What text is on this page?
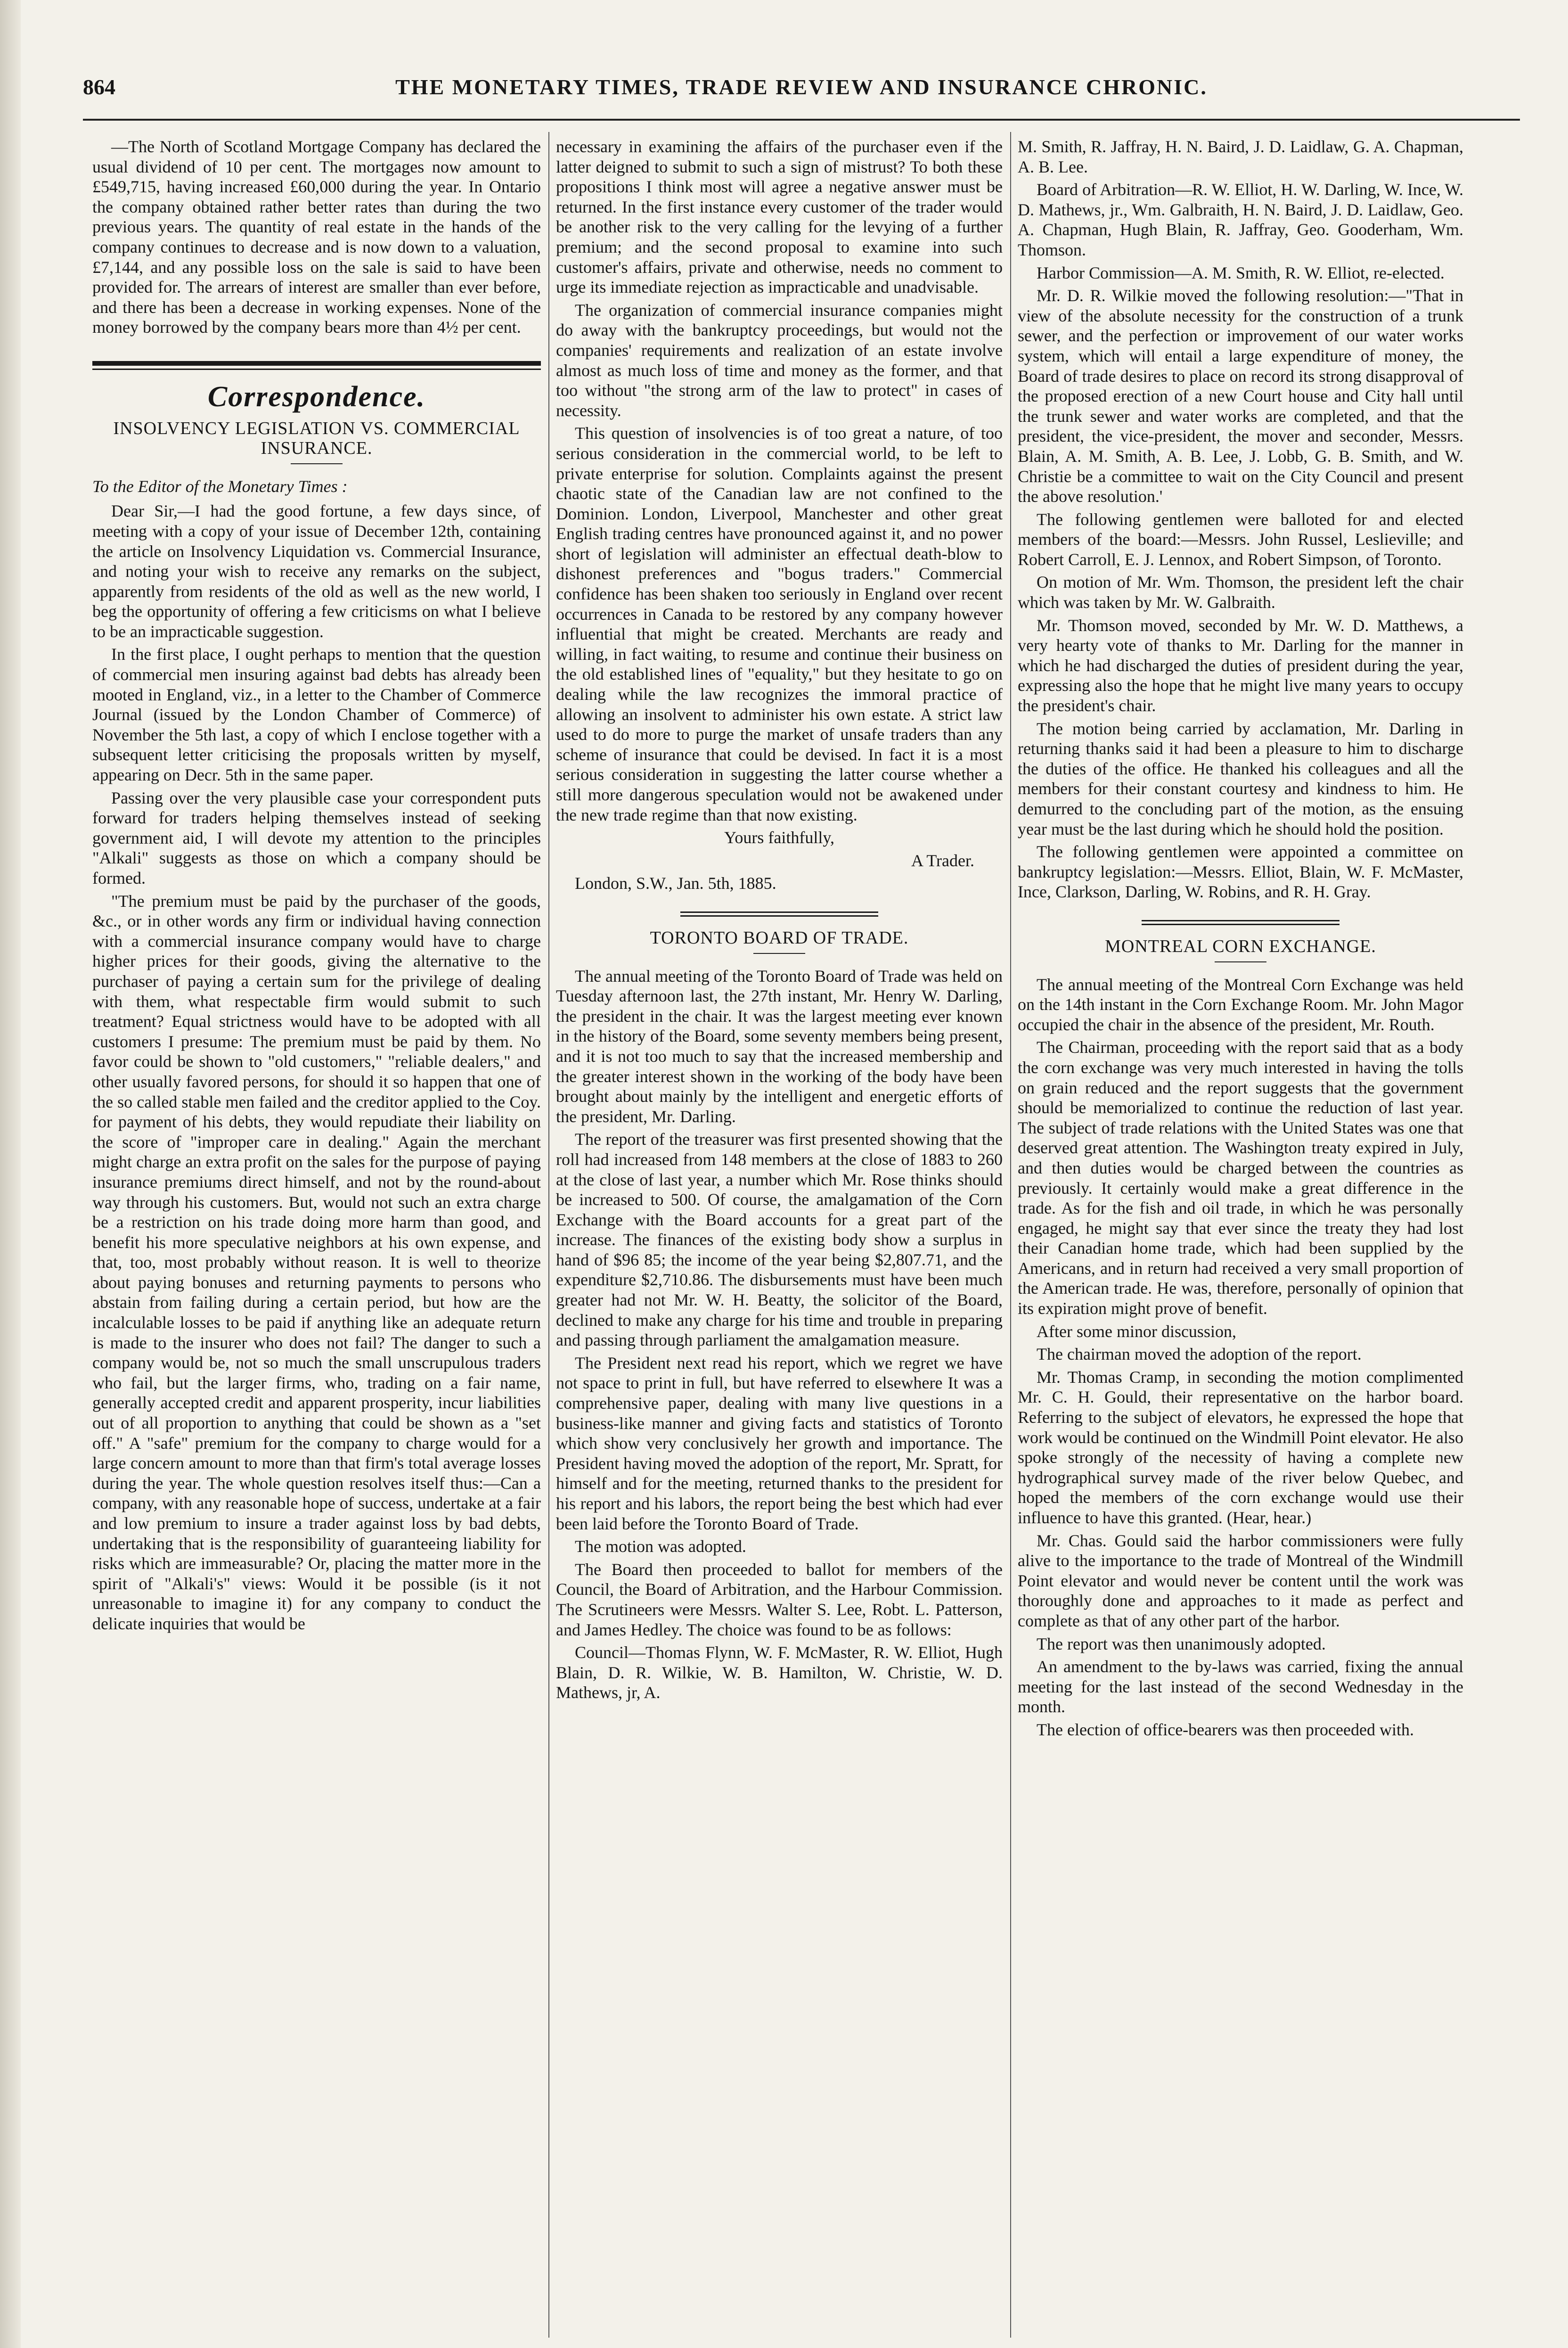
864	THE MONETARY TIMES, TRADE REVIEW AND INSURANCE CHRONIC.

—The North of Scotland Mortgage Company has declared the usual dividend of 10 per cent. The mortgages now amount to £549,715, having increased £60,000 during the year. In Ontario the company obtained rather better rates than during the two previous years. The quantity of real estate in the hands of the company continues to decrease and is now down to a valuation, £7,144, and any possible loss on the sale is said to have been provided for. The arrears of interest are smaller than ever before, and there has been a decrease in working expenses. None of the money borrowed by the company bears more than 4½ per cent.

Correspondence.
INSOLVENCY LEGISLATION VS. COMMERCIAL INSURANCE.

To the Editor of the Monetary Times :

Dear Sir,—I had the good fortune, a few days since, of meeting with a copy of your issue of December 12th, containing the article on Insolvency Liquidation vs. Commercial Insurance, and noting your wish to receive any remarks on the subject, apparently from residents of the old as well as the new world, I beg the opportunity of offering a few criticisms on what I believe to be an impracticable suggestion.

In the first place, I ought perhaps to mention that the question of commercial men insuring against bad debts has already been mooted in England, viz., in a letter to the Chamber of Commerce Journal (issued by the London Chamber of Commerce) of November the 5th last, a copy of which I enclose together with a subsequent letter criticising the proposals written by myself, appearing on Decr. 5th in the same paper.

Passing over the very plausible case your correspondent puts forward for traders helping themselves instead of seeking government aid, I will devote my attention to the principles "Alkali" suggests as those on which a company should be formed.

"The premium must be paid by the purchaser of the goods, &c., or in other words any firm or individual having connection with a commercial insurance company would have to charge higher prices for their goods, giving the alternative to the purchaser of paying a certain sum for the privilege of dealing with them, what respectable firm would submit to such treatment? Equal strictness would have to be adopted with all customers I presume: The premium must be paid by them. No favor could be shown to "old customers," "reliable dealers," and other usually favored persons, for should it so happen that one of the so called stable men failed and the creditor applied to the Coy. for payment of his debts, they would repudiate their liability on the score of "improper care in dealing." Again the merchant might charge an extra profit on the sales for the purpose of paying insurance premiums direct himself, and not by the round-about way through his customers. But, would not such an extra charge be a restriction on his trade doing more harm than good, and benefit his more speculative neighbors at his own expense, and that, too, most probably without reason. It is well to theorize about paying bonuses and returning payments to persons who abstain from failing during a certain period, but how are the incalculable losses to be paid if anything like an adequate return is made to the insurer who does not fail? The danger to such a company would be, not so much the small unscrupulous traders who fail, but the larger firms, who, trading on a fair name, generally accepted credit and apparent prosperity, incur liabilities out of all proportion to anything that could be shown as a "set off." A "safe" premium for the company to charge would for a large concern amount to more than that firm's total average losses during the year. The whole question resolves itself thus:—Can a company, with any reasonable hope of success, undertake at a fair and low premium to insure a trader against loss by bad debts, undertaking that is the responsibility of guaranteeing liability for risks which are immeasurable? Or, placing the matter more in the spirit of "Alkali's" views: Would it be possible (is it not unreasonable to imagine it) for any company to conduct the delicate inquiries that would be

necessary in examining the affairs of the purchaser even if the latter deigned to submit to such a sign of mistrust? To both these propositions I think most will agree a negative answer must be returned. In the first instance every customer of the trader would be another risk to the very calling for the levying of a further premium; and the second proposal to examine into such customer's affairs, private and otherwise, needs no comment to urge its immediate rejection as impracticable and unadvisable.

The organization of commercial insurance companies might do away with the bankruptcy proceedings, but would not the companies' requirements and realization of an estate involve almost as much loss of time and money as the former, and that too without "the strong arm of the law to protect" in cases of necessity.

This question of insolvencies is of too great a nature, of too serious consideration in the commercial world, to be left to private enterprise for solution. Complaints against the present chaotic state of the Canadian law are not confined to the Dominion. London, Liverpool, Manchester and other great English trading centres have pronounced against it, and no power short of legislation will administer an effectual death-blow to dishonest preferences and "bogus traders." Commercial confidence has been shaken too seriously in England over recent occurrences in Canada to be restored by any company however influential that might be created. Merchants are ready and willing, in fact waiting, to resume and continue their business on the old established lines of "equality," but they hesitate to go on dealing while the law recognizes the immoral practice of allowing an insolvent to administer his own estate. A strict law used to do more to purge the market of unsafe traders than any scheme of insurance that could be devised. In fact it is a most serious consideration in suggesting the latter course whether a still more dangerous speculation would not be awakened under the new trade regime than that now existing.

Yours faithfully,

A Trader.

London, S.W., Jan. 5th, 1885.

TORONTO BOARD OF TRADE.

The annual meeting of the Toronto Board of Trade was held on Tuesday afternoon last, the 27th instant, Mr. Henry W. Darling, the president in the chair. It was the largest meeting ever known in the history of the Board, some seventy members being present, and it is not too much to say that the increased membership and the greater interest shown in the working of the body have been brought about mainly by the intelligent and energetic efforts of the president, Mr. Darling.

The report of the treasurer was first presented showing that the roll had increased from 148 members at the close of 1883 to 260 at the close of last year, a number which Mr. Rose thinks should be increased to 500. Of course, the amalgamation of the Corn Exchange with the Board accounts for a great part of the increase. The finances of the existing body show a surplus in hand of $96 85; the income of the year being $2,807.71, and the expenditure $2,710.86. The disbursements must have been much greater had not Mr. W. H. Beatty, the solicitor of the Board, declined to make any charge for his time and trouble in preparing and passing through parliament the amalgamation measure.

The President next read his report, which we regret we have not space to print in full, but have referred to elsewhere It was a comprehensive paper, dealing with many live questions in a business-like manner and giving facts and statistics of Toronto which show very conclusively her growth and importance. The President having moved the adoption of the report, Mr. Spratt, for himself and for the meeting, returned thanks to the president for his report and his labors, the report being the best which had ever been laid before the Toronto Board of Trade.

The motion was adopted.

The Board then proceeded to ballot for members of the Council, the Board of Arbitration, and the Harbour Commission. The Scrutineers were Messrs. Walter S. Lee, Robt. L. Patterson, and James Hedley. The choice was found to be as follows:

Council—Thomas Flynn, W. F. McMaster, R. W. Elliot, Hugh Blain, D. R. Wilkie, W. B. Hamilton, W. Christie, W. D. Mathews, jr, A.

M. Smith, R. Jaffray, H. N. Baird, J. D. Laidlaw, G. A. Chapman, A. B. Lee.

Board of Arbitration—R. W. Elliot, H. W. Darling, W. Ince, W. D. Mathews, jr., Wm. Galbraith, H. N. Baird, J. D. Laidlaw, Geo. A. Chapman, Hugh Blain, R. Jaffray, Geo. Gooderham, Wm. Thomson.

Harbor Commission—A. M. Smith, R. W. Elliot, re-elected.

Mr. D. R. Wilkie moved the following resolution:—"That in view of the absolute necessity for the construction of a trunk sewer, and the perfection or improvement of our water works system, which will entail a large expenditure of money, the Board of trade desires to place on record its strong disapproval of the proposed erection of a new Court house and City hall until the trunk sewer and water works are completed, and that the president, the vice-president, the mover and seconder, Messrs. Blain, A. M. Smith, A. B. Lee, J. Lobb, G. B. Smith, and W. Christie be a committee to wait on the City Council and present the above resolution.'

The following gentlemen were balloted for and elected members of the board:—Messrs. John Russel, Leslieville; and Robert Carroll, E. J. Lennox, and Robert Simpson, of Toronto.

On motion of Mr. Wm. Thomson, the president left the chair which was taken by Mr. W. Galbraith.

Mr. Thomson moved, seconded by Mr. W. D. Matthews, a very hearty vote of thanks to Mr. Darling for the manner in which he had discharged the duties of president during the year, expressing also the hope that he might live many years to occupy the president's chair.

The motion being carried by acclamation, Mr. Darling in returning thanks said it had been a pleasure to him to discharge the duties of the office. He thanked his colleagues and all the members for their constant courtesy and kindness to him. He demurred to the concluding part of the motion, as the ensuing year must be the last during which he should hold the position.

The following gentlemen were appointed a committee on bankruptcy legislation:—Messrs. Elliot, Blain, W. F. McMaster, Ince, Clarkson, Darling, W. Robins, and R. H. Gray.

MONTREAL CORN EXCHANGE.

The annual meeting of the Montreal Corn Exchange was held on the 14th instant in the Corn Exchange Room. Mr. John Magor occupied the chair in the absence of the president, Mr. Routh.

The Chairman, proceeding with the report said that as a body the corn exchange was very much interested in having the tolls on grain reduced and the report suggests that the government should be memorialized to continue the reduction of last year. The subject of trade relations with the United States was one that deserved great attention. The Washington treaty expired in July, and then duties would be charged between the countries as previously. It certainly would make a great difference in the trade. As for the fish and oil trade, in which he was personally engaged, he might say that ever since the treaty they had lost their Canadian home trade, which had been supplied by the Americans, and in return had received a very small proportion of the American trade. He was, therefore, personally of opinion that its expiration might prove of benefit.

After some minor discussion,

The chairman moved the adoption of the report.

Mr. Thomas Cramp, in seconding the motion complimented Mr. C. H. Gould, their representative on the harbor board. Referring to the subject of elevators, he expressed the hope that work would be continued on the Windmill Point elevator. He also spoke strongly of the necessity of having a complete new hydrographical survey made of the river below Quebec, and hoped the members of the corn exchange would use their influence to have this granted. (Hear, hear.)

Mr. Chas. Gould said the harbor commissioners were fully alive to the importance to the trade of Montreal of the Windmill Point elevator and would never be content until the work was thoroughly done and approaches to it made as perfect and complete as that of any other part of the harbor.

The report was then unanimously adopted.

An amendment to the by-laws was carried, fixing the annual meeting for the last instead of the second Wednesday in the month.

The election of office-bearers was then proceeded with.
